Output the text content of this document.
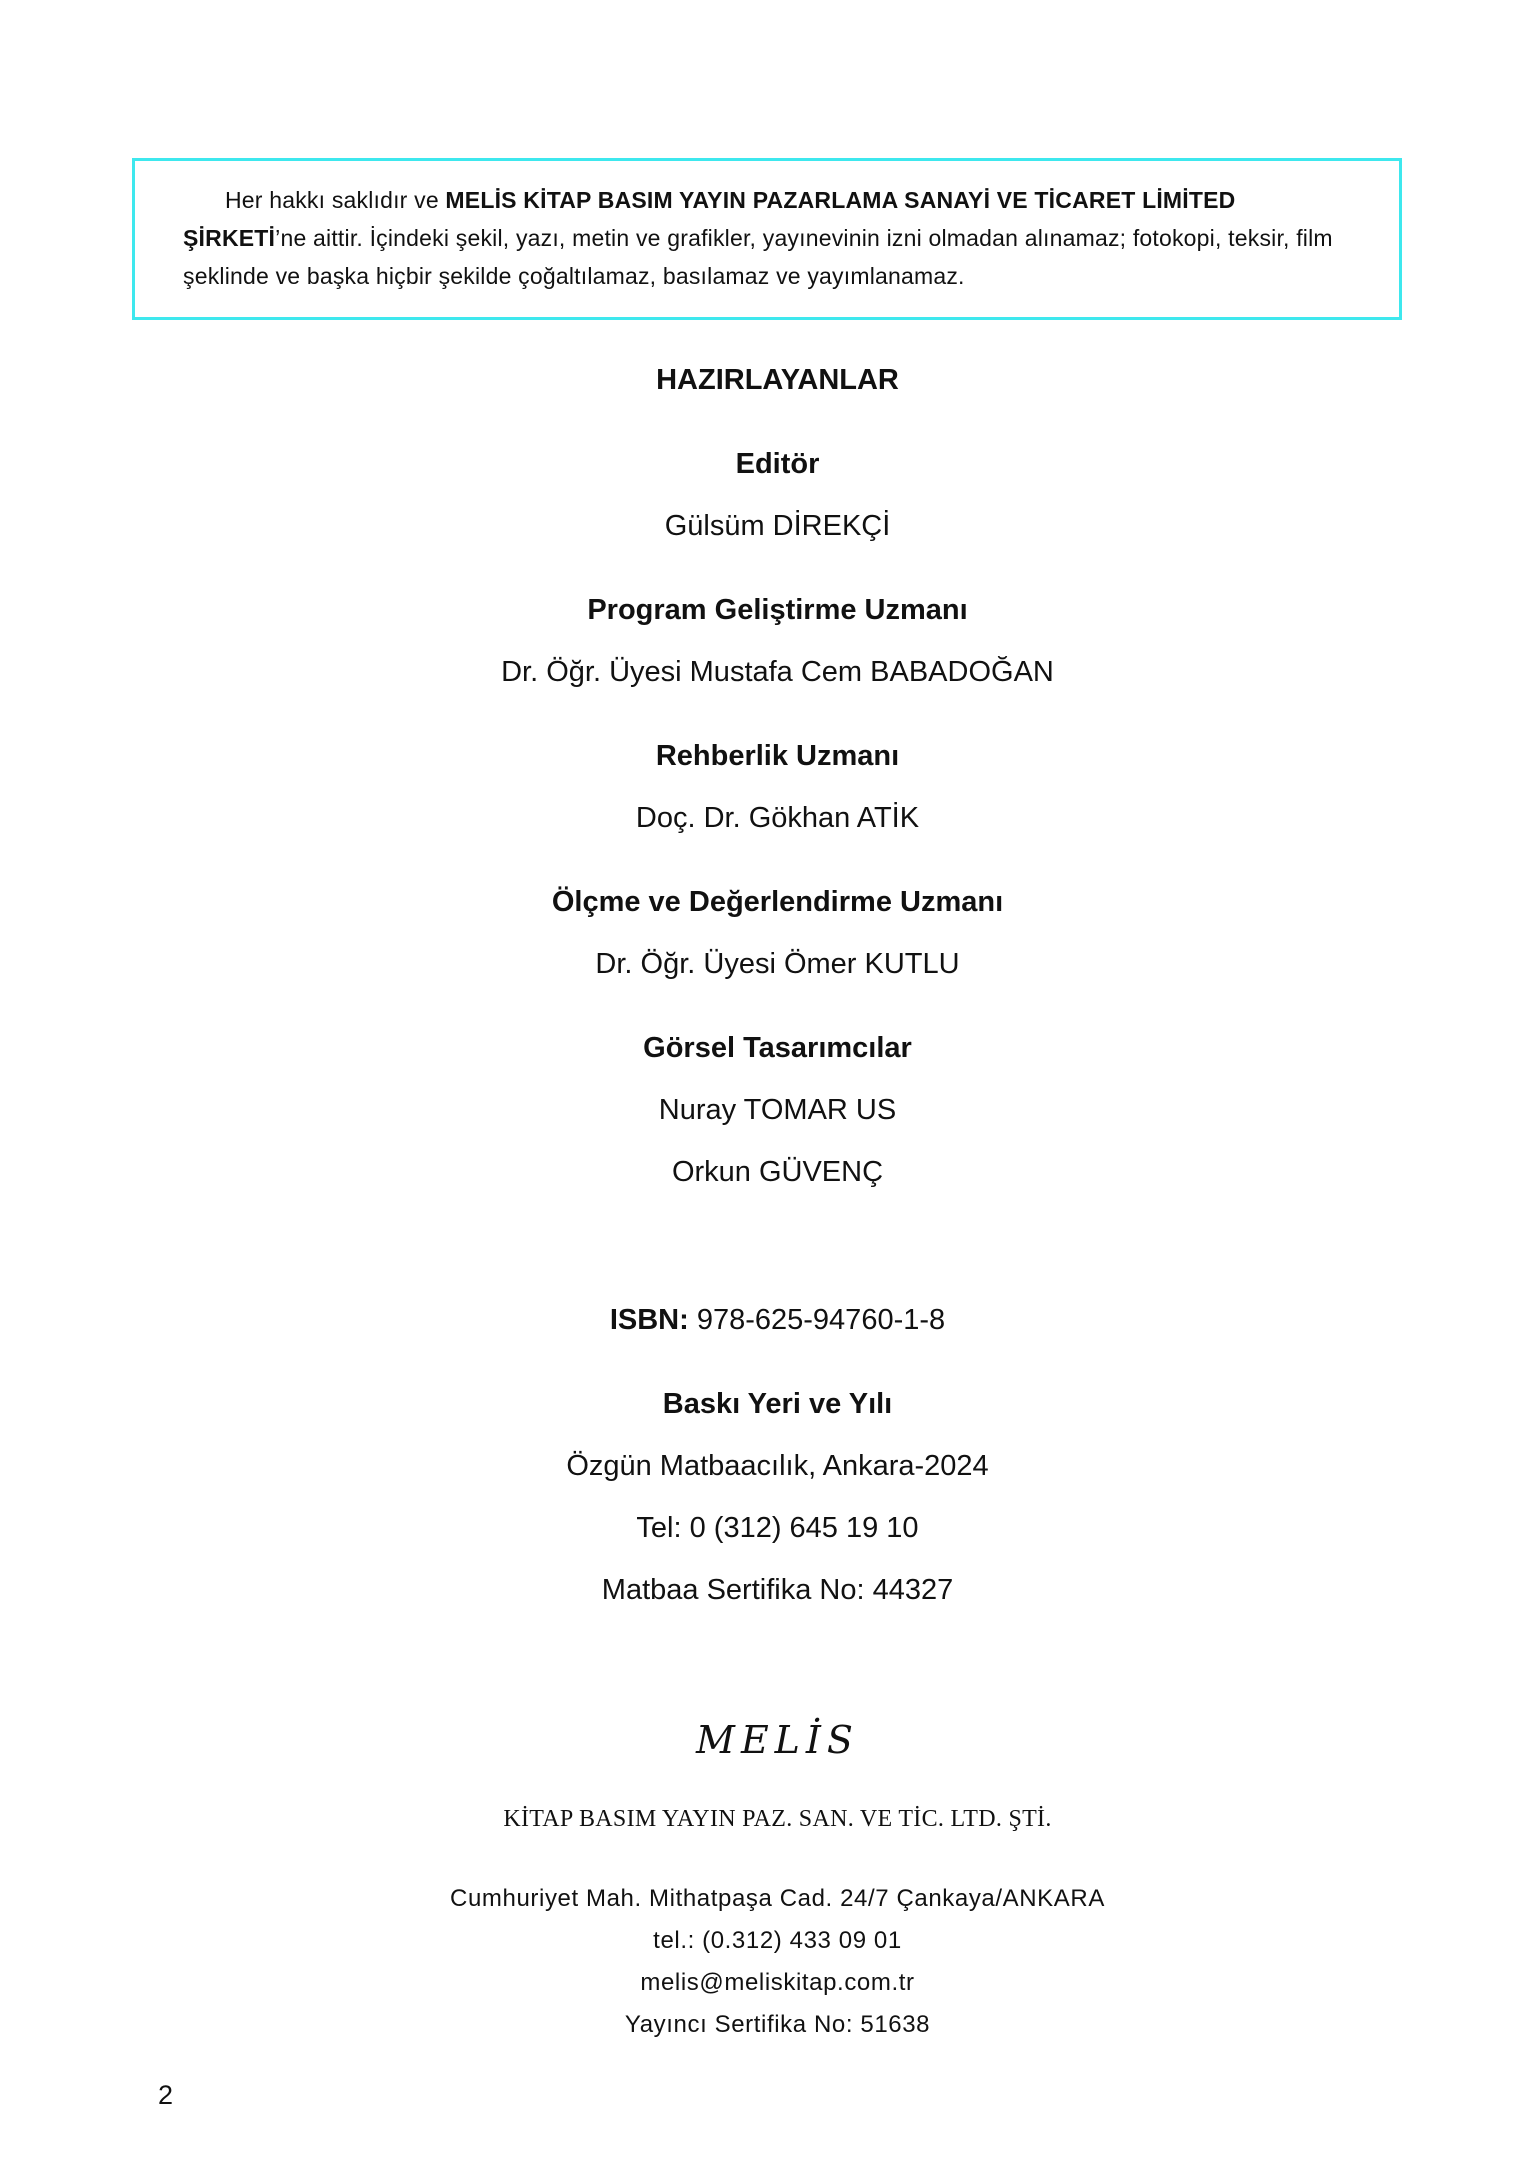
Her hakkı saklıdır ve MELİS KİTAP BASIM YAYIN PAZARLAMA SANAYİ VE TİCARET LİMİTED ŞİRKETİ’ne aittir. İçindeki şekil, yazı, metin ve grafikler, yayınevinin izni olmadan alınamaz; fotokopi, teksir, film şeklinde ve başka hiçbir şekilde çoğaltılamaz, basılamaz ve yayımlanamaz.

HAZIRLAYANLAR
Editör
Gülsüm DİREKÇİ
Program Geliştirme Uzmanı
Dr. Öğr. Üyesi Mustafa Cem BABADOĞAN
Rehberlik Uzmanı
Doç. Dr. Gökhan ATİK
Ölçme ve Değerlendirme Uzmanı
Dr. Öğr. Üyesi Ömer KUTLU
Görsel Tasarımcılar
Nuray TOMAR US
Orkun GÜVENÇ
ISBN: 978-625-94760-1-8
Baskı Yeri ve Yılı
Özgün Matbaacılık, Ankara-2024
Tel: 0 (312) 645 19 10
Matbaa Sertifika No: 44327
MELİS
KİTAP BASIM YAYIN PAZ. SAN. VE TİC. LTD. ŞTİ.
Cumhuriyet Mah. Mithatpaşa Cad. 24/7 Çankaya/ANKARA
tel.: (0.312) 433 09 01
melis@meliskitap.com.tr
Yayıncı Sertifika No: 51638
2
